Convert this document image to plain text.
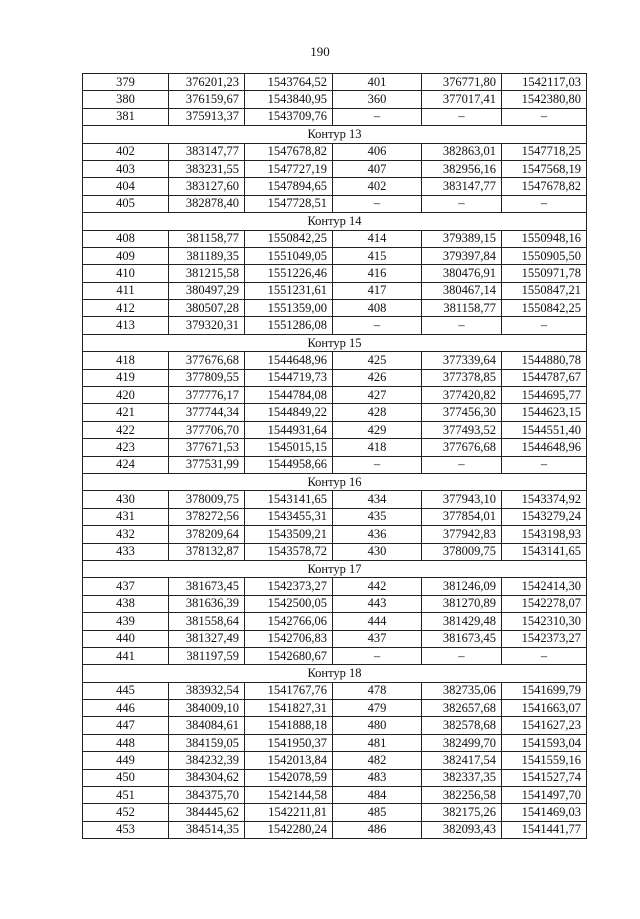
190
379	376201,23	1543764,52	401	376771,80	1542117,03
380	376159,67	1543840,95	360	377017,41	1542380,80
381	375913,37	1543709,76	–	–	–
Контур 13					
402	383147,77	1547678,82	406	382863,01	1547718,25
403	383231,55	1547727,19	407	382956,16	1547568,19
404	383127,60	1547894,65	402	383147,77	1547678,82
405	382878,40	1547728,51	–	–	–
Контур 14					
408	381158,77	1550842,25	414	379389,15	1550948,16
409	381189,35	1551049,05	415	379397,84	1550905,50
410	381215,58	1551226,46	416	380476,91	1550971,78
411	380497,29	1551231,61	417	380467,14	1550847,21
412	380507,28	1551359,00	408	381158,77	1550842,25
413	379320,31	1551286,08	–	–	–
Контур 15					
418	377676,68	1544648,96	425	377339,64	1544880,78
419	377809,55	1544719,73	426	377378,85	1544787,67
420	377776,17	1544784,08	427	377420,82	1544695,77
421	377744,34	1544849,22	428	377456,30	1544623,15
422	377706,70	1544931,64	429	377493,52	1544551,40
423	377671,53	1545015,15	418	377676,68	1544648,96
424	377531,99	1544958,66	–	–	–
Контур 16					
430	378009,75	1543141,65	434	377943,10	1543374,92
431	378272,56	1543455,31	435	377854,01	1543279,24
432	378209,64	1543509,21	436	377942,83	1543198,93
433	378132,87	1543578,72	430	378009,75	1543141,65
Контур 17					
437	381673,45	1542373,27	442	381246,09	1542414,30
438	381636,39	1542500,05	443	381270,89	1542278,07
439	381558,64	1542766,06	444	381429,48	1542310,30
440	381327,49	1542706,83	437	381673,45	1542373,27
441	381197,59	1542680,67	–	–	–
Контур 18					
445	383932,54	1541767,76	478	382735,06	1541699,79
446	384009,10	1541827,31	479	382657,68	1541663,07
447	384084,61	1541888,18	480	382578,68	1541627,23
448	384159,05	1541950,37	481	382499,70	1541593,04
449	384232,39	1542013,84	482	382417,54	1541559,16
450	384304,62	1542078,59	483	382337,35	1541527,74
451	384375,70	1542144,58	484	382256,58	1541497,70
452	384445,62	1542211,81	485	382175,26	1541469,03
453	384514,35	1542280,24	486	382093,43	1541441,77
